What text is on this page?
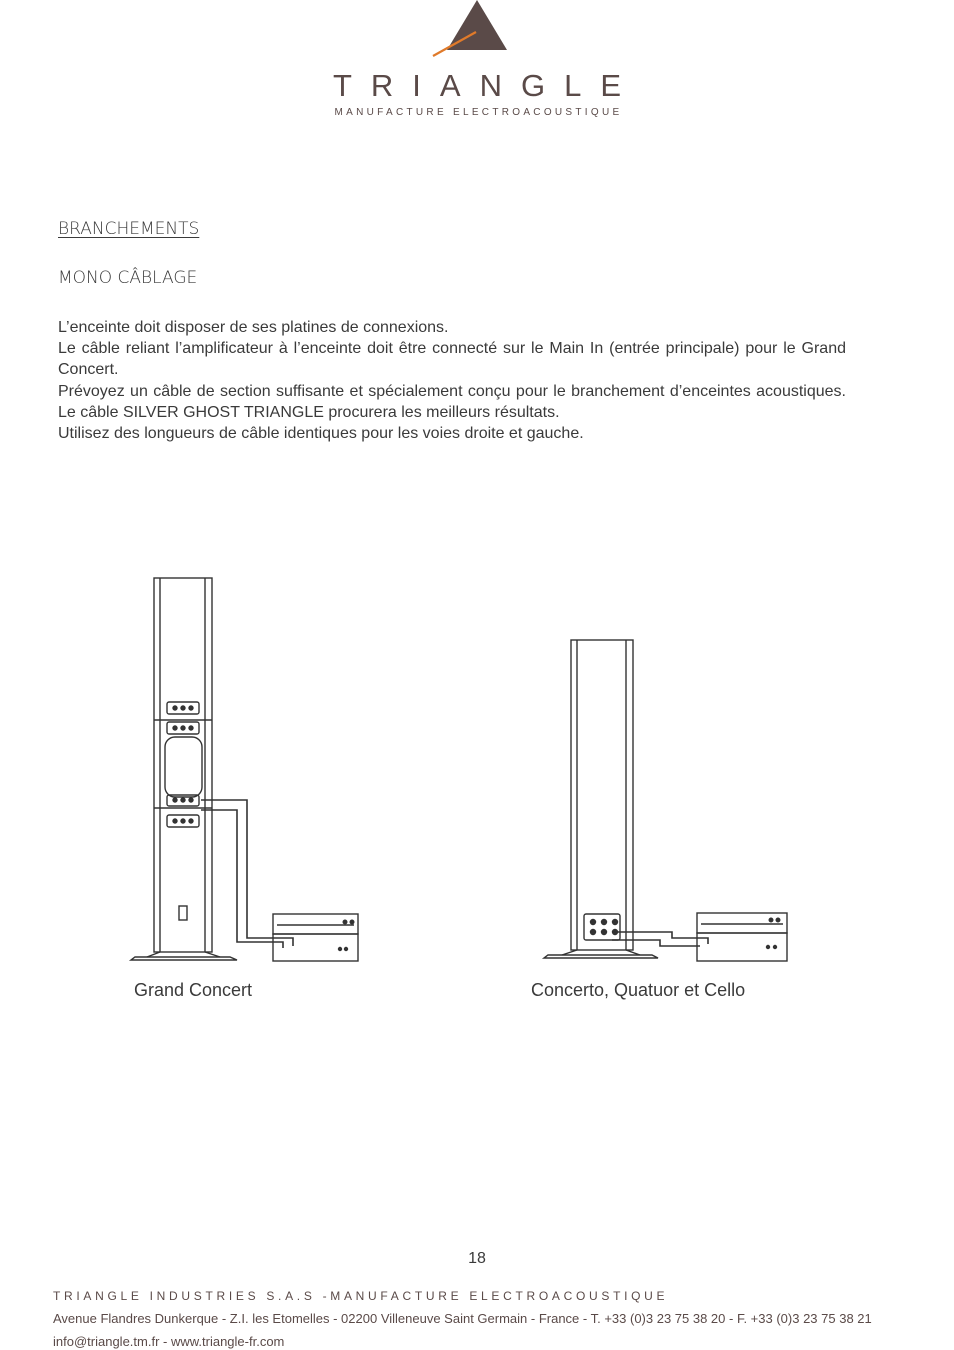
TRIANGLE
MANUFACTURE ELECTROACOUSTIQUE
BRANCHEMENTS
MONO CÂBLAGE

L’enceinte doit disposer de ses platines de connexions.

Le câble reliant l’amplificateur à l’enceinte doit être connecté sur le Main In (entrée principale) pour le Grand Concert.

Prévoyez un câble de section suffisante et spécialement conçu pour le branchement d’enceintes acoustiques. Le câble SILVER GHOST TRIANGLE procurera les meilleurs résultats.

Utilisez des longueurs de câble identiques pour les voies droite et gauche.

Grand Concert	Concerto, Quatuor et Cello
18
TRIANGLE INDUSTRIES S.A.S -MANUFACTURE ELECTROACOUSTIQUE
Avenue Flandres Dunkerque - Z.I. les Etomelles - 02200 Villeneuve Saint Germain - France - T. +33 (0)3 23 75 38 20 - F. +33 (0)3 23 75 38 21
info@triangle.tm.fr - www.triangle-fr.com
